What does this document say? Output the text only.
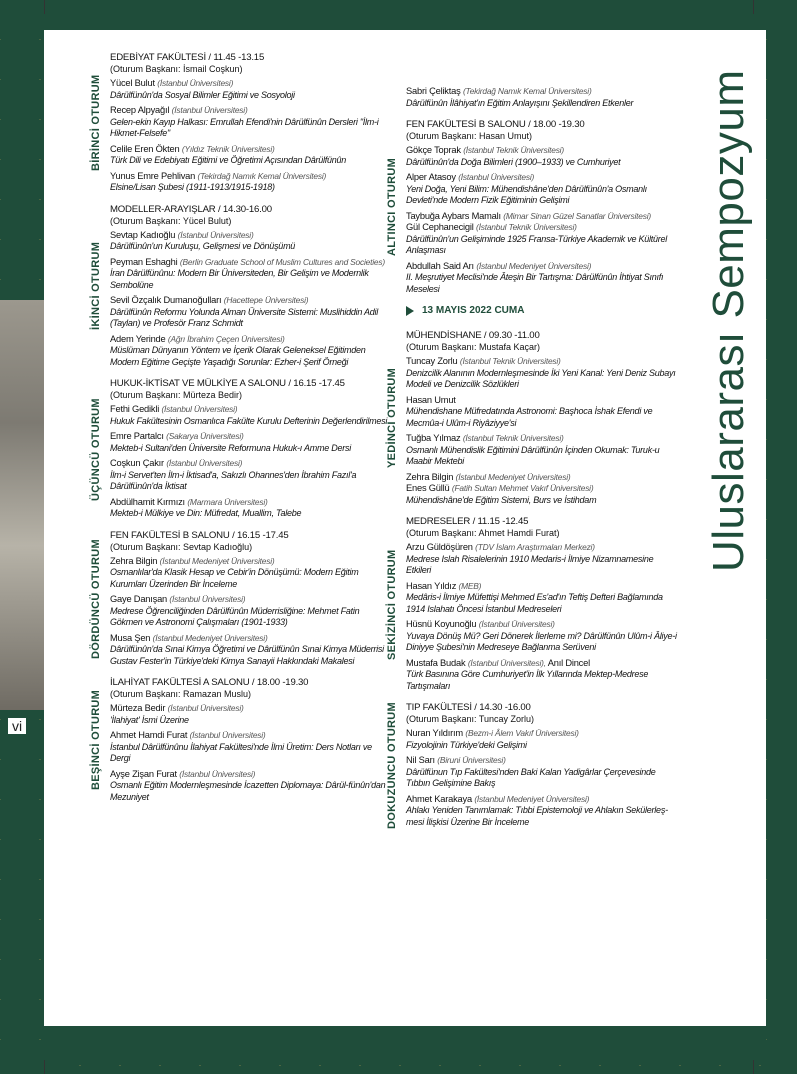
vi
Uluslararası Sempozyum
BİRİNCİ OTURUM
EDEBİYAT FAKÜLTESİ / 11.45 -13.15
(Oturum Başkanı: İsmail Coşkun)
Yücel Bulut (İstanbul Üniversitesi)
Dârülfünûn'da Sosyal Bilimler Eğitimi ve Sosyoloji
Recep Alpyağıl (İstanbul Üniversitesi)
Gelen-ekin Kayıp Halkası: Emrullah Efendi'nin Dârülfünûn Dersleri "İlm-i Hikmet-Felsefe"
Celile Eren Ökten (Yıldız Teknik Üniversitesi)
Türk Dili ve Edebiyatı Eğitimi ve Öğretimi Açısından Dârülfünûn
Yunus Emre Pehlivan (Tekirdağ Namık Kemal Üniversitesi)
Elsine/Lisan Şubesi (1911-1913/1915-1918)
İKİNCİ OTURUM
MODELLER-ARAYIŞLAR / 14.30-16.00
(Oturum Başkanı: Yücel Bulut)
Sevtap Kadıoğlu (İstanbul Üniversitesi)
Dârülfünûn'un Kuruluşu, Gelişmesi ve Dönüşümü
Peyman Eshaghi (Berlin Graduate School of Muslim Cultures and Societies)
İran Dârülfünûnu: Modern Bir Üniversiteden, Bir Gelişim ve Modernlik Sembolüne
Sevil Özçalık Dumanoğulları (Hacettepe Üniversitesi)
Dârülfünûn Reformu Yolunda Alman Üniversite Sistemi: Muslihiddin Adil (Taylan) ve Profesör Franz Schmidt
Adem Yerinde (Ağrı İbrahim Çeçen Üniversitesi)
Müslüman Dünyanın Yöntem ve İçerik Olarak Geleneksel Eğitimden Modern Eğitime Geçişte Yaşadığı Sorunlar: Ezher-i Şerif Örneği
ÜÇÜNCÜ OTURUM
HUKUK-İKTİSAT VE MÜLKİYE A SALONU / 16.15 -17.45
(Oturum Başkanı: Mürteza Bedir)
Fethi Gedikli (İstanbul Üniversitesi)
Hukuk Fakültesinin Osmanlıca Fakülte Kurulu Defterinin Değerlendirilmesi
Emre Partalcı (Sakarya Üniversitesi)
Mekteb-i Sultani'den Üniversite Reformuna Hukuk-ı Amme Dersi
Coşkun Çakır (İstanbul Üniversitesi)
İlm-i Servet'ten İlm-i İktisad'a, Sakızlı Ohannes'den İbrahim Fazıl'a Dârülfünûn'da İktisat
Abdülhamit Kırmızı (Marmara Üniversitesi)
Mekteb-i Mülkiye ve Din: Müfredat, Muallim, Talebe
DÖRDÜNCÜ OTURUM
FEN FAKÜLTESİ B SALONU / 16.15 -17.45
(Oturum Başkanı: Sevtap Kadıoğlu)
Zehra Bilgin (İstanbul Medeniyet Üniversitesi)
Osmanlılar'da Klasik Hesap ve Cebir'in Dönüşümü: Modern Eğitim Kurumları Üzerinden Bir İnceleme
Gaye Danışan (İstanbul Üniversitesi)
Medrese Öğrenciliğinden Dârülfünûn Müderrisliğine: Mehmet Fatin Gökmen ve Astronomi Çalışmaları (1901-1933)
Musa Şen (İstanbul Medeniyet Üniversitesi)
Dârülfünûn'da Sınai Kimya Öğretimi ve Dârülfünûn Sınai Kimya Müderrisi Gustav Fester'in Türkiye'deki Kimya Sanayii Hakkındaki Makalesi
BEŞİNCİ OTURUM
İLAHİYAT FAKÜLTESİ A SALONU / 18.00 -19.30
(Oturum Başkanı: Ramazan Muslu)
Mürteza Bedir (İstanbul Üniversitesi)
'İlahiyat' İsmi Üzerine
Ahmet Hamdi Furat (İstanbul Üniversitesi)
İstanbul Dârülfünûnu İlahiyat Fakültesi'nde İlmi Üretim: Ders Notları ve Dergi
Ayşe Zişan Furat (İstanbul Üniversitesi)
Osmanlı Eğitim Modernleşmesinde İcazetten Diplomaya: Dârül-fünûn'dan Mezuniyet
Sabri Çeliktaş (Tekirdağ Namık Kemal Üniversitesi)
Dârülfünûn İlâhiyat'ın Eğitim Anlayışını Şekillendiren Etkenler
ALTINCI OTURUM
FEN FAKÜLTESİ B SALONU / 18.00 -19.30
(Oturum Başkanı: Hasan Umut)
Gökçe Toprak (İstanbul Teknik Üniversitesi)
Dârülfünûn'da Doğa Bilimleri (1900–1933) ve Cumhuriyet
Alper Atasoy (İstanbul Üniversitesi)
Yeni Doğa, Yeni Bilim: Mühendishâne'den Dârülfünûn'a Osmanlı Devleti'nde Modern Fizik Eğitiminin Gelişimi
Taybuğa Aybars Mamalı (Mimar Sinan Güzel Sanatlar Üniversitesi)
Gül Cephanecigil (İstanbul Teknik Üniversitesi)
Dârülfünûn'un Gelişiminde 1925 Fransa-Türkiye Akademik ve Kültürel Anlaşması
Abdullah Said Arı (İstanbul Medeniyet Üniversitesi)
II. Meşrutiyet Meclisi'nde Âteşin Bir Tartışma: Dârülfünûn İhtiyat Sınıfı Meselesi
13 MAYIS 2022 CUMA
YEDİNCİ OTURUM
MÜHENDİSHANE / 09.30 -11.00
(Oturum Başkanı: Mustafa Kaçar)
Tuncay Zorlu (İstanbul Teknik Üniversitesi)
Denizcilik Alanının Modernleşmesinde İki Yeni Kanal: Yeni Deniz Subayı Modeli ve Denizcilik Sözlükleri
Hasan Umut
Mühendishane Müfredatında Astronomi: Başhoca İshak Efendi ve Mecmûa-i Ulûm-i Riyâziyye'si
Tuğba Yılmaz (İstanbul Teknik Üniversitesi)
Osmanlı Mühendislik Eğitimini Dârülfünûn İçinden Okumak: Turuk-u Maabir Mektebi
Zehra Bilgin (İstanbul Medeniyet Üniversitesi)
Enes Güllü (Fatih Sultan Mehmet Vakıf Üniversitesi)
Mühendishâne'de Eğitim Sistemi, Burs ve İstihdam
SEKİZİNCİ OTURUM
MEDRESELER / 11.15 -12.45
(Oturum Başkanı: Ahmet Hamdi Furat)
Arzu Güldöşüren (TDV İslam Araştırmaları Merkezi)
Medrese Islah Risalelerinin 1910 Medaris-i İlmiye Nizamnamesine Etkileri
Hasan Yıldız (MEB)
Medâris-i İlmiye Müfettişi Mehmed Es'ad'ın Teftiş Defteri Bağlamında 1914 Islahatı Öncesi İstanbul Medreseleri
Hüsnü Koyunoğlu (İstanbul Üniversitesi)
Yuvaya Dönüş Mü? Geri Dönerek İlerleme mi? Dârülfünûn Ulûm-i Âliye-i Diniyye Şubesi'nin Medreseye Bağlanma Serüveni
Mustafa Budak (İstanbul Üniversitesi), Anıl Dincel
Türk Basınına Göre Cumhuriyet'in İlk Yıllarında Mektep-Medrese Tartışmaları
DOKUZUNCU OTURUM TIP FAKÜLTESİ / 14.30 -16.00
(Oturum Başkanı: Tuncay Zorlu)
Nuran Yıldırım (Bezm-i Âlem Vakıf Üniversitesi)
Fizyolojinin Türkiye'deki Gelişimi
Nil Sarı (Biruni Üniversitesi)
Dârülfünun Tıp Fakültesi'nden Baki Kalan Yadigârlar Çerçevesinde Tıbbın Gelişimine Bakış
Ahmet Karakaya (İstanbul Medeniyet Üniversitesi)
Ahlakı Yeniden Tanımlamak: Tıbbi Epistemoloji ve Ahlakın Sekülerleş-mesi İlişkisi Üzerine Bir İnceleme
